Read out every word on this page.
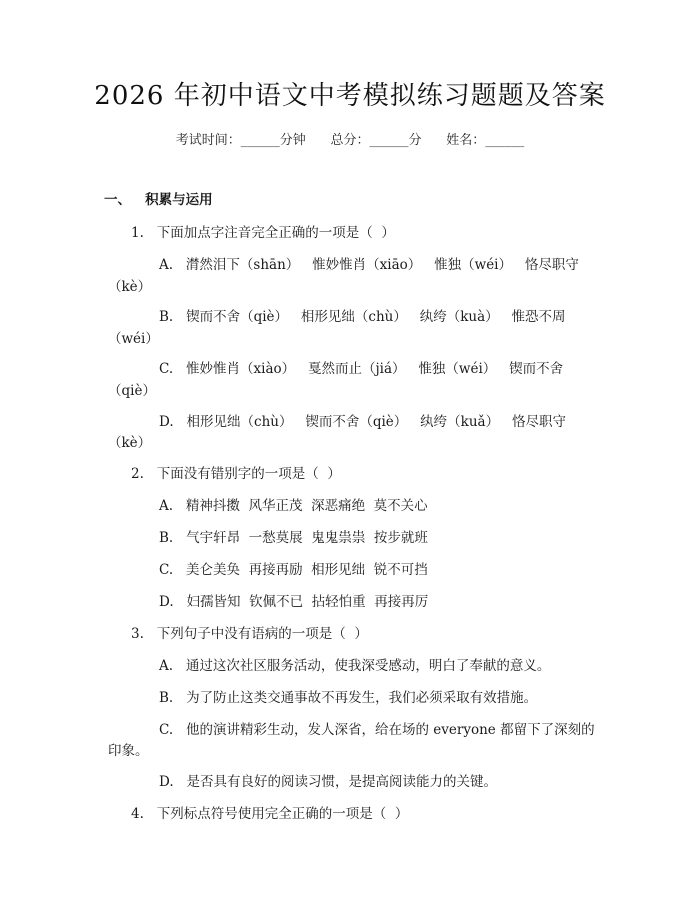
2026 年初中语文中考模拟练习题题及答案
考试时间：______分钟      总分：______分      姓名：______
一、   积累与运用
1.   下面加点字注音完全正确的一项是（  ）
A.   潸然泪下（shān）   惟妙惟肖（xiāo）   惟独（wéi）   恪尽职守
（kè）
B.   锲而不舍（qiè）   相形见绌（chù）   纨绔（kuà）   惟恐不周
（wéi）
C.   惟妙惟肖（xiào）   戛然而止（jiá）   惟独（wéi）   锲而不舍
（qiè）
D.   相形见绌（chù）   锲而不舍（qiè）   纨绔（kuǎ）   恪尽职守
（kè）
2.   下面没有错别字的一项是（  ）
A.   精神抖擞  风华正茂  深恶痛绝  莫不关心
B.   气宇轩昂  一愁莫展  鬼鬼祟祟  按步就班
C.   美仑美奂  再接再励  相形见绌  锐不可挡
D.   妇孺皆知  钦佩不已  拈轻怕重  再接再厉
3.   下列句子中没有语病的一项是（  ）
A.   通过这次社区服务活动，使我深受感动，明白了奉献的意义。
B.   为了防止这类交通事故不再发生，我们必须采取有效措施。
C.   他的演讲精彩生动，发人深省，给在场的 everyone 都留下了深刻的
印象。
D.   是否具有良好的阅读习惯，是提高阅读能力的关键。
4.   下列标点符号使用完全正确的一项是（  ）
